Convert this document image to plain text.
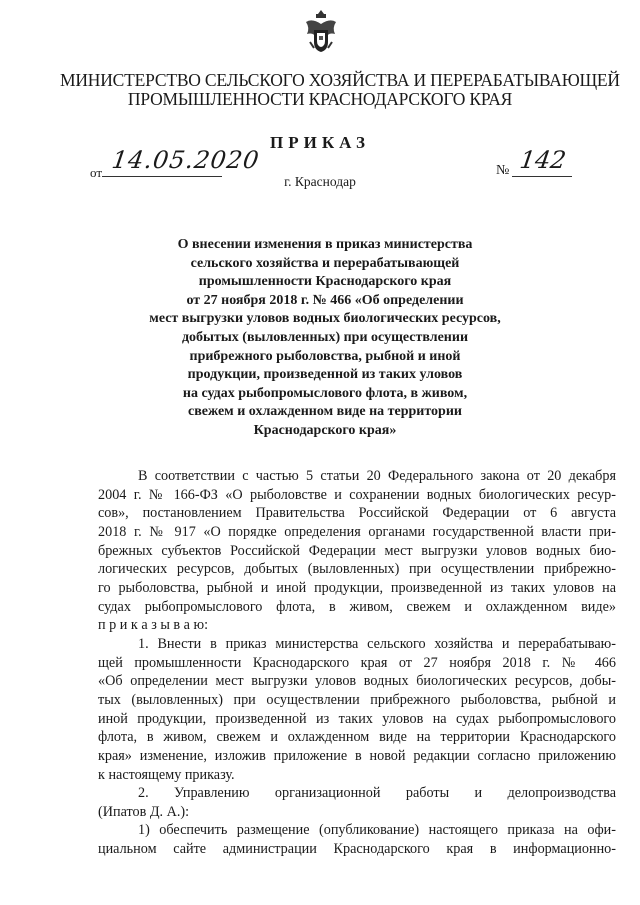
МИНИСТЕРСТВО СЕЛЬСКОГО ХОЗЯЙСТВА И ПЕРЕРАБАТЫВАЮЩЕЙ
ПРОМЫШЛЕННОСТИ КРАСНОДАРСКОГО КРАЯ
ПРИКАЗ
от 14.05.2020	№ 142
г. Краснодар
О внесении изменения в приказ министерства
сельского хозяйства и перерабатывающей
промышленности Краснодарского края
от 27 ноября 2018 г. № 466 «Об определении
мест выгрузки уловов водных биологических ресурсов,
добытых (выловленных) при осуществлении
прибрежного рыболовства, рыбной и иной
продукции, произведенной из таких уловов
на судах рыбопромыслового флота, в живом,
свежем и охлажденном виде на территории
Краснодарского края»
В соответствии с частью 5 статьи 20 Федерального закона от 20 декабря
2004 г. № 166-ФЗ «О рыболовстве и сохранении водных биологических ресур-
сов», постановлением Правительства Российской Федерации от 6 августа
2018 г. № 917 «О порядке определения органами государственной власти при-
брежных субъектов Российской Федерации мест выгрузки уловов водных био-
логических ресурсов, добытых (выловленных) при осуществлении прибрежно-
го рыболовства, рыбной и иной продукции, произведенной из таких уловов на
судах рыбопромыслового флота, в живом, свежем и охлажденном виде»
п р и к а з ы в а ю:
1. Внести в приказ министерства сельского хозяйства и перерабатываю-
щей промышленности Краснодарского края от 27 ноября 2018 г. № 466
«Об определении мест выгрузки уловов водных биологических ресурсов, добы-
тых (выловленных) при осуществлении прибрежного рыболовства, рыбной и
иной продукции, произведенной из таких уловов на судах рыбопромыслового
флота, в живом, свежем и охлажденном виде на территории Краснодарского
края» изменение, изложив приложение в новой редакции согласно приложению
к настоящему приказу.
2. Управлению организационной работы и делопроизводства
(Ипатов Д. А.):
1) обеспечить размещение (опубликование) настоящего приказа на офи-
циальном сайте администрации Краснодарского края в информационно-
